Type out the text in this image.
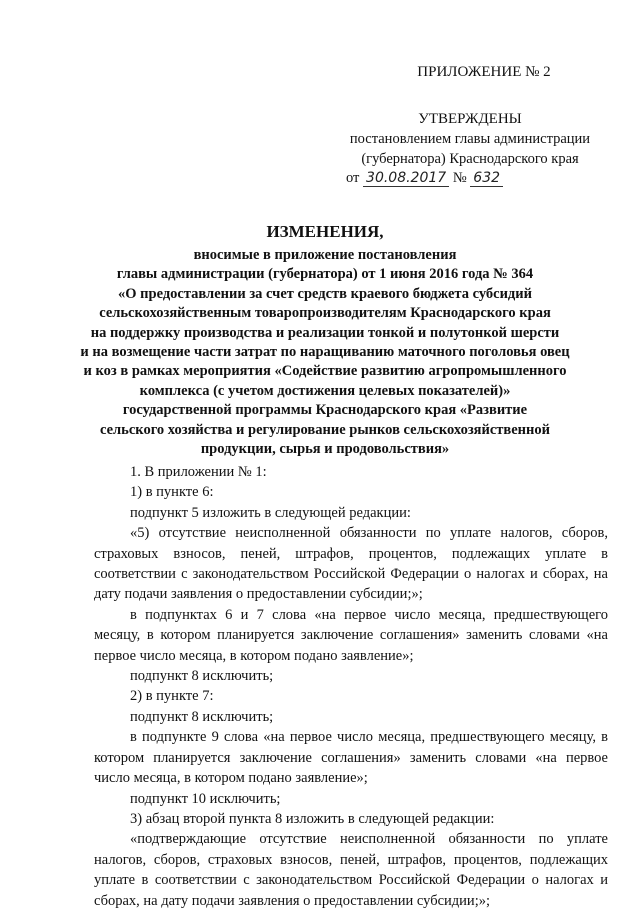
ПРИЛОЖЕНИЕ № 2

УТВЕРЖДЕНЫ

постановлением главы администрации

(губернатора) Краснодарского края

от 30.08.2017 № 632

ИЗМЕНЕНИЯ,

вносимые в приложение постановления

главы администрации (губернатора) от 1 июня 2016 года № 364

«О предоставлении за счет средств краевого бюджета субсидий

сельскохозяйственным товаропроизводителям Краснодарского края

на поддержку производства и реализации тонкой и полутонкой шерсти

и на возмещение части затрат по наращиванию маточного поголовья овец

и коз в рамках мероприятия «Содействие развитию агропромышленного

комплекса (с учетом достижения целевых показателей)»

государственной программы Краснодарского края «Развитие

сельского хозяйства и регулирование рынков сельскохозяйственной

продукции, сырья и продовольствия»

1. В приложении № 1:

1) в пункте 6:

подпункт 5 изложить в следующей редакции:

«5) отсутствие неисполненной обязанности по уплате налогов, сборов, страховых взносов, пеней, штрафов, процентов, подлежащих уплате в соответствии с законодательством Российской Федерации о налогах и сборах, на дату подачи заявления о предоставлении субсидии;»;

в подпунктах 6 и 7 слова «на первое число месяца, предшествующего месяцу, в котором планируется заключение соглашения» заменить словами «на первое число месяца, в котором подано заявление»;

подпункт 8 исключить;

2) в пункте 7:

подпункт 8 исключить;

в подпункте 9 слова «на первое число месяца, предшествующего месяцу, в котором планируется заключение соглашения» заменить словами «на первое число месяца, в котором подано заявление»;

подпункт 10 исключить;

3) абзац второй пункта 8 изложить в следующей редакции:

«подтверждающие отсутствие неисполненной обязанности по уплате налогов, сборов, страховых взносов, пеней, штрафов, процентов, подлежащих уплате в соответствии с законодательством Российской Федерации о налогах и сборах, на дату подачи заявления о предоставлении субсидии;»;
